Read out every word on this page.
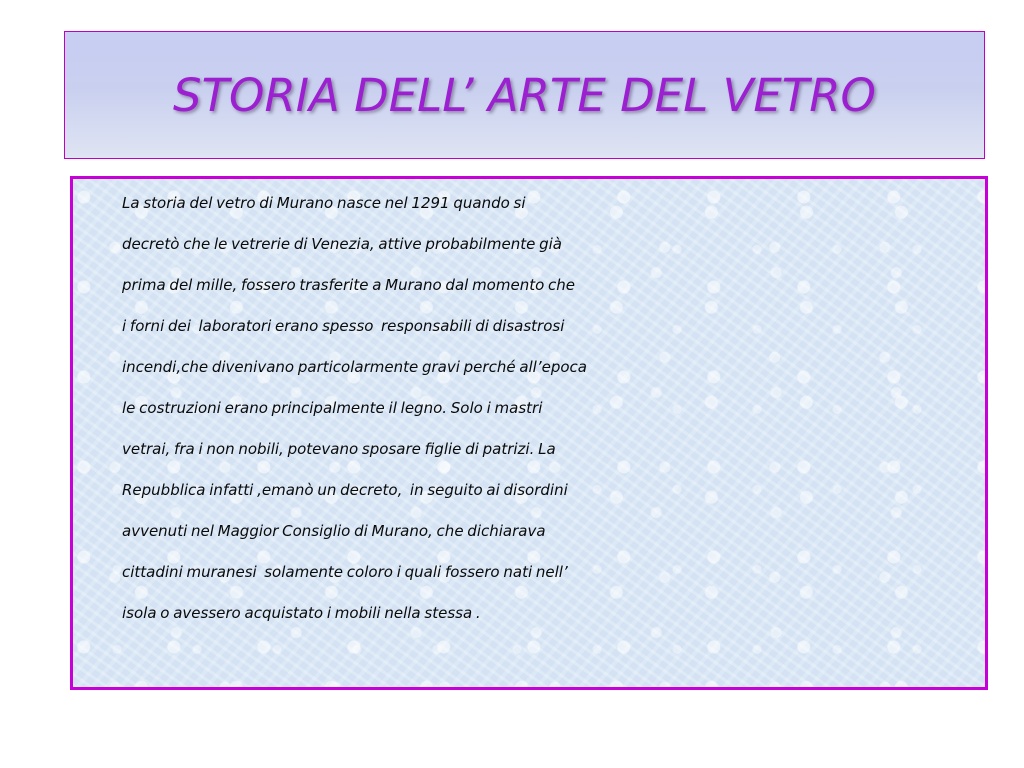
STORIA DELL’ ARTE DEL VETRO

La storia del vetro di Murano nasce nel 1291 quando si
decretò che le vetrerie di Venezia, attive probabilmente già
prima del mille, fossero trasferite a Murano dal momento che
i forni dei  laboratori erano spesso  responsabili di disastrosi
incendi,che divenivano particolarmente gravi perché all’epoca
le costruzioni erano principalmente il legno. Solo i mastri
vetrai, fra i non nobili, potevano sposare figlie di patrizi. La
Repubblica infatti ,emanò un decreto,  in seguito ai disordini
avvenuti nel Maggior Consiglio di Murano, che dichiarava
cittadini muranesi  solamente coloro i quali fossero nati nell’
isola o avessero acquistato i mobili nella stessa .
